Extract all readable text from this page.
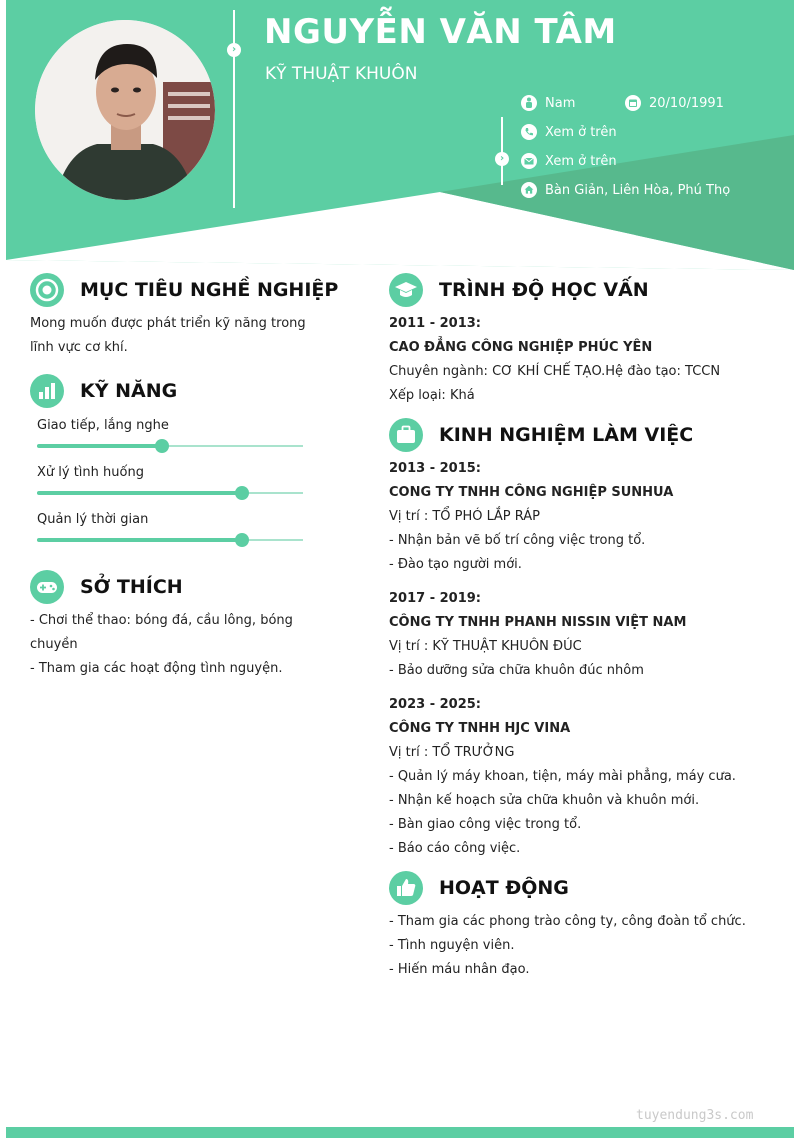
› NGUYỄN VĂN TÂM
KỸ THUẬT KHUÔN
›
Nam	20/10/1991
Xem ở trên
Xem ở trên
Bàn Giản, Liên Hòa, Phú Thọ
MỤC TIÊU NGHỀ NGHIỆP
Mong muốn được phát triển kỹ năng trong
lĩnh vực cơ khí.
KỸ NĂNG
Giao tiếp, lắng nghe
Xử lý tình huống
Quản lý thời gian
SỞ THÍCH
- Chơi thể thao: bóng đá, cầu lông, bóng
chuyền
- Tham gia các hoạt động tình nguyện.
TRÌNH ĐỘ HỌC VẤN
2011 - 2013:
CAO ĐẲNG CÔNG NGHIỆP PHÚC YÊN
Chuyên ngành: CƠ KHÍ CHẾ TẠO.Hệ đào tạo: TCCN
Xếp loại: Khá
KINH NGHIỆM LÀM VIỆC
2013 - 2015:
CONG TY TNHH CÔNG NGHIỆP SUNHUA
Vị trí : TỔ PHÓ LẮP RÁP
- Nhận bản vẽ bố trí công việc trong tổ.
- Đào tạo người mới.
2017 - 2019:
CÔNG TY TNHH PHANH NISSIN VIỆT NAM
Vị trí : KỸ THUẬT KHUÔN ĐÚC
- Bảo dưỡng sửa chữa khuôn đúc nhôm
2023 - 2025:
CÔNG TY TNHH HJC VINA
Vị trí : TỔ TRƯỞNG
- Quản lý máy khoan, tiện, máy mài phẳng, máy cưa.
- Nhận kế hoạch sửa chữa khuôn và khuôn mới.
- Bàn giao công việc trong tổ.
- Báo cáo công việc.
HOẠT ĐỘNG
- Tham gia các phong trào công ty, công đoàn tổ chức.
- Tình nguyện viên.
- Hiến máu nhân đạo.
tuyendung3s.com
